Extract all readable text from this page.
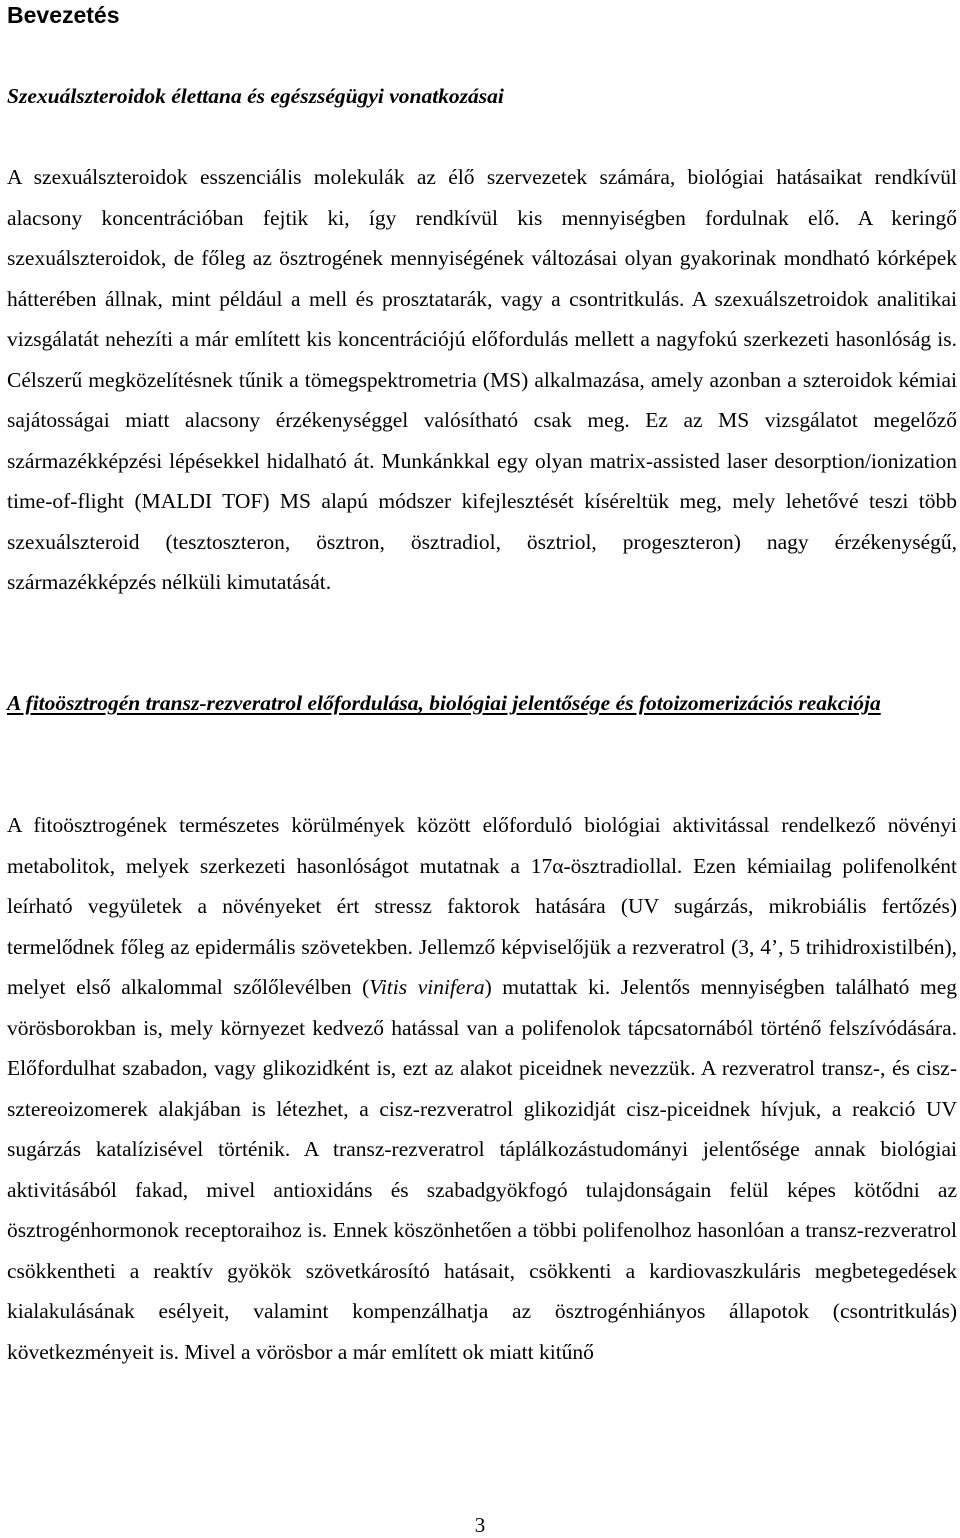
Bevezetés
Szexuálszteroidok élettana és egészségügyi vonatkozásai

A szexuálszteroidok esszenciális molekulák az élő szervezetek számára, biológiai hatásaikat rendkívül alacsony koncentrációban fejtik ki, így rendkívül kis mennyiségben fordulnak elő. A keringő szexuálszteroidok, de főleg az ösztrogének mennyiségének változásai olyan gyakorinak mondható kórképek hátterében állnak, mint például a mell és prosztatarák, vagy a csontritkulás. A szexuálszetroidok analitikai vizsgálatát nehezíti a már említett kis koncentrációjú előfordulás mellett a nagyfokú szerkezeti hasonlóság is. Célszerű megközelítésnek tűnik a tömegspektrometria (MS) alkalmazása, amely azonban a szteroidok kémiai sajátosságai miatt alacsony érzékenységgel valósítható csak meg. Ez az MS vizsgálatot megelőző származékképzési lépésekkel hidalható át. Munkánkkal egy olyan matrix-assisted laser desorption/ionization time-of-flight (MALDI TOF) MS alapú módszer kifejlesztését kíséreltük meg, mely lehetővé teszi több szexuálszteroid (tesztoszteron, ösztron, ösztradiol, ösztriol, progeszteron) nagy érzékenységű, származékképzés nélküli kimutatását.

A fitoösztrogén transz-rezveratrol előfordulása, biológiai jelentősége és fotoizomerizációs reakciója

A fitoösztrogének természetes körülmények között előforduló biológiai aktivitással rendelkező növényi metabolitok, melyek szerkezeti hasonlóságot mutatnak a 17α-ösztradiollal. Ezen kémiailag polifenolként leírható vegyületek a növényeket ért stressz faktorok hatására (UV sugárzás, mikrobiális fertőzés) termelődnek főleg az epidermális szövetekben. Jellemző képviselőjük a rezveratrol (3, 4’, 5 trihidroxistilbén), melyet első alkalommal szőlőlevélben (Vitis vinifera) mutattak ki. Jelentős mennyiségben található meg vörösborokban is, mely környezet kedvező hatással van a polifenolok tápcsatornából történő felszívódására. Előfordulhat szabadon, vagy glikozidként is, ezt az alakot piceidnek nevezzük. A rezveratrol transz-, és cisz- sztereoizomerek alakjában is létezhet, a cisz-rezveratrol glikozidját cisz-piceidnek hívjuk, a reakció UV sugárzás katalízisével történik. A transz-rezveratrol táplálkozástudományi jelentősége annak biológiai aktivitásából fakad, mivel antioxidáns és szabadgyökfogó tulajdonságain felül képes kötődni az ösztrogénhormonok receptoraihoz is. Ennek köszönhetően a többi polifenolhoz hasonlóan a transz-rezveratrol csökkentheti a reaktív gyökök szövetkárosító hatásait, csökkenti a kardiovaszkuláris megbetegedések kialakulásának esélyeit, valamint kompenzálhatja az ösztrogénhiányos állapotok (csontritkulás) következményeit is. Mivel a vörösbor a már említett ok miatt kitűnő

3
